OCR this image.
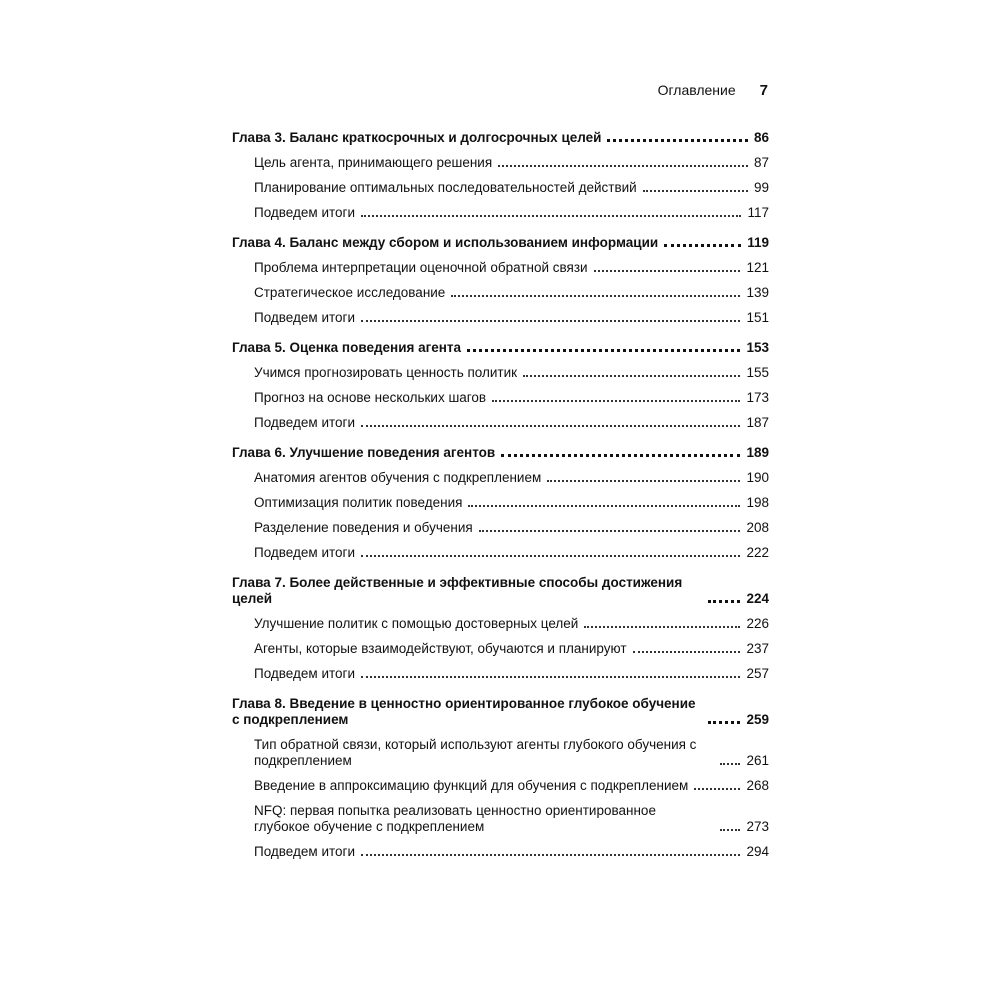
Оглавление 7
Глава 3. Баланс краткосрочных и долгосрочных целей	86
Цель агента, принимающего решения	87
Планирование оптимальных последовательностей действий	99
Подведем итоги	117
Глава 4. Баланс между сбором и использованием информации	119
Проблема интерпретации оценочной обратной связи	121
Стратегическое исследование	139
Подведем итоги	151
Глава 5. Оценка поведения агента	153
Учимся прогнозировать ценность политик	155
Прогноз на основе нескольких шагов	173
Подведем итоги	187
Глава 6. Улучшение поведения агентов	189
Анатомия агентов обучения с подкреплением	190
Оптимизация политик поведения	198
Разделение поведения и обучения	208
Подведем итоги	222
Глава 7. Более действенные и эффективные способы достижения целей	224
Улучшение политик с помощью достоверных целей	226
Агенты, которые взаимодействуют, обучаются и планируют	237
Подведем итоги	257
Глава 8. Введение в ценностно ориентированное глубокое обучение с подкреплением	259
Тип обратной связи, который используют агенты глубокого обучения с подкреплением	261
Введение в аппроксимацию функций для обучения с подкреплением	268
NFQ: первая попытка реализовать ценностно ориентированное глубокое обучение с подкреплением	273
Подведем итоги	294
